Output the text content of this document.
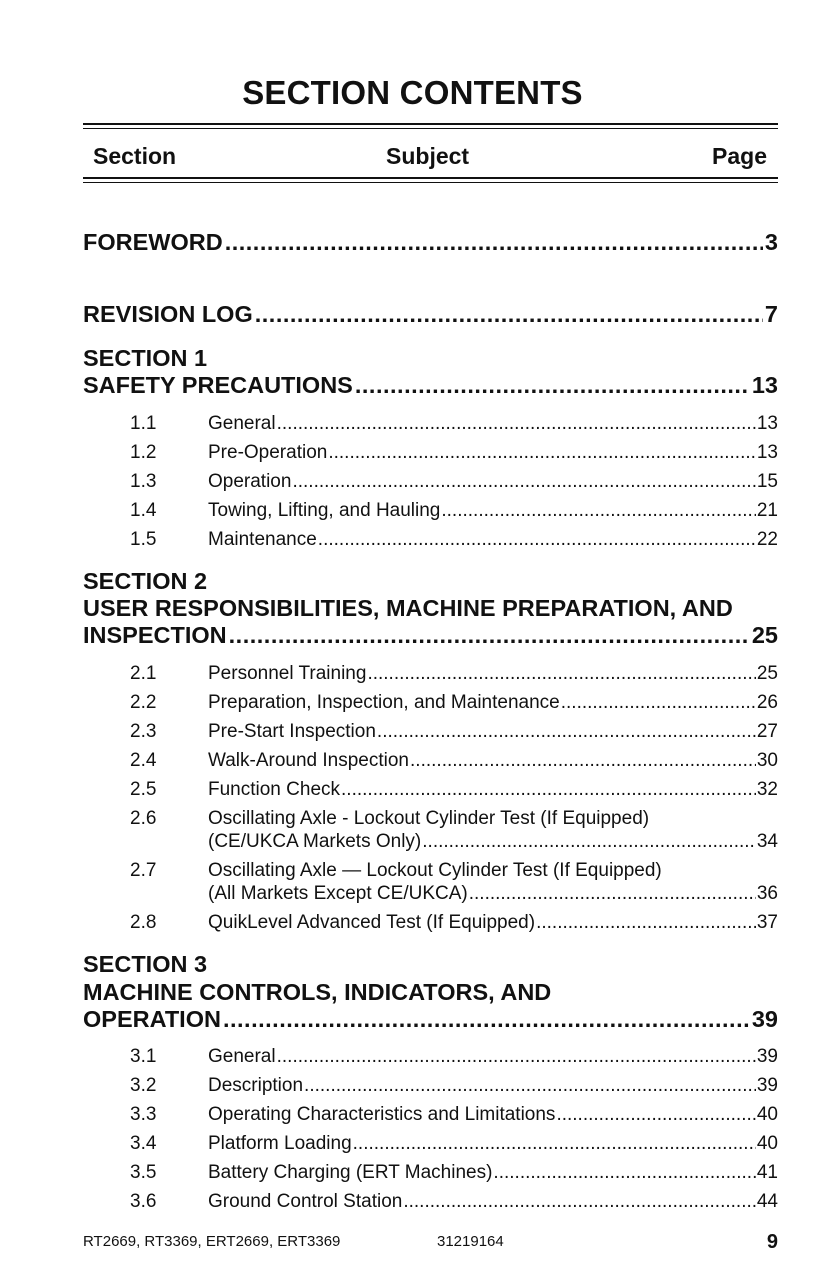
SECTION CONTENTS
Section	Subject	Page
FOREWORD .....	3
REVISION LOG .....	7
SECTION 1
SAFETY PRECAUTIONS .....	13
1.1	General .....	13
1.2	Pre-Operation .....	13
1.3	Operation .....	15
1.4	Towing, Lifting, and Hauling .....	21
1.5	Maintenance .....	22
SECTION 2
USER RESPONSIBILITIES, MACHINE PREPARATION, AND
INSPECTION .....	25
2.1	Personnel Training .....	25
2.2	Preparation, Inspection, and Maintenance .....	26
2.3	Pre-Start Inspection .....	27
2.4	Walk-Around Inspection .....	30
2.5	Function Check .....	32
2.6	Oscillating Axle - Lockout Cylinder Test (If Equipped)
(CE/UKCA Markets Only) .....	34
2.7	Oscillating Axle — Lockout Cylinder Test (If Equipped)
(All Markets Except CE/UKCA) .....	36
2.8	QuikLevel Advanced Test (If Equipped) .....	37
SECTION 3
MACHINE CONTROLS, INDICATORS, AND
OPERATION .....	39
3.1	General .....	39
3.2	Description .....	39
3.3	Operating Characteristics and Limitations .....	40
3.4	Platform Loading .....	40
3.5	Battery Charging (ERT Machines) .....	41
3.6	Ground Control Station .....	44
RT2669, RT3369, ERT2669, ERT3369	31219164	9
